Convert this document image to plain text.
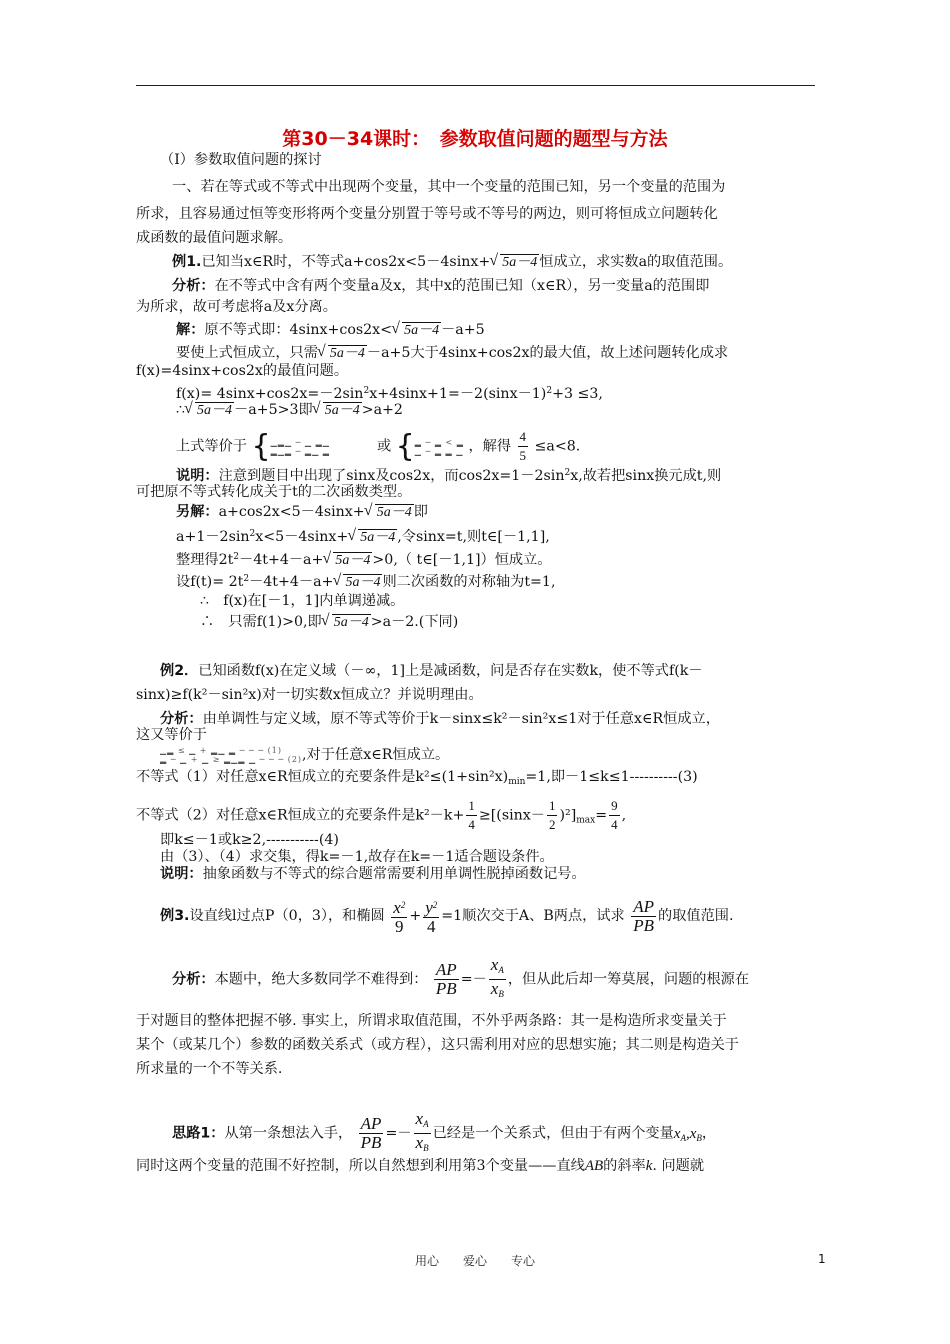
第30－34课时：　参数取值问题的题型与方法
（Ⅰ）参数取值问题的探讨
一、若在等式或不等式中出现两个变量，其中一个变量的范围已知，另一个变量的范围为
所求，且容易通过恒等变形将两个变量分别置于等号或不等号的两边，则可将恒成立问题转化
成函数的最值问题求解。
例1.已知当x∈R时，不等式a+cos2x<5－4sinx+√ 5a－4 恒成立，求实数a的取值范围。
分析：在不等式中含有两个变量a及x，其中x的范围已知（x∈R），另一变量a的范围即
为所求，故可考虑将a及x分离。
解：原不等式即：4sinx+cos2x<√ 5a－4 －a+5
要使上式恒成立，只需√ 5a－4 －a+5大于4sinx+cos2x的最大值，故上述问题转化成求
f(x)=4sinx+cos2x的最值问题。
$f(x)= 4\sin x+\cos 2x=-2\sin^2x+4\sin x+1=-2(\sin x-1)^2+3 \le 3$,
∴√ 5a－4 －a+5>3即√ 5a－4 >a+2
上式等价于 {▁▂▁ ─ ▁ ▂▁
▂▁▂ ─ ▂▁ ▂	或 {▂ ─ ▂ < ▂
▁ ─ ▂ ▂ ▁ ，解得 $\frac{4}{5} \le a<8$.
说明：注意到题目中出现了sinx及cos2x，而$\cos 2x=1-2\sin^2x$,故若把sinx换元成t,则
可把原不等式转化成关于t的二次函数类型。
另解：a+cos2x<5－4sinx+√ 5a－4 即
$a+1-2\sin^2x<5-4\sin x+√$ 5a－4 ,令sinx=t,则t∈[－1,1],
整理得$2t^2-4t+4-a+√$ 5a－4 >0,（ t∈[－1,1]）恒成立。
设$f(t)= 2t^2-4t+4-a+√$ 5a－4 则二次函数的对称轴为t=1,
∴　f(x)在[－1，1]内单调递减。
∴　只需f(1)>0,即√ 5a－4 >a－2.(下同)
例2．已知函数f(x)在定义域（－∞，1]上是减函数，问是否存在实数k，使不等式f(k－
sinx)≥f(k²－sin²x)对一切实数x恒成立？并说明理由。
分析：由单调性与定义域，原不等式等价于k－sinx≤k²－sin²x≤1对于任意x∈R恒成立，
这又等价于
▁▂ ≤ ▁ + ▂▁ ▂ ─ ─ ─ (1)
▂ ─ ▁ + ▁ ≥ ▂▁▂ ▁ ─ ─ ─ (2),对于任意x∈R恒成立。
不等式（1）对任意x∈R恒成立的充要条件是$k^2\le(1+\sin^2x)_{min}=1$,即－1≤k≤1----------(3)
不等式（2）对任意x∈R恒成立的充要条件是$k^2-k+ \frac{1}{4} \ge[(\sin x- \frac{1}{2} )^2]_{max}= \frac{9}{4}$ ,
即k≤－1或k≥2,-----------(4)
由（3）、（4）求交集，得k=－1,故存在k=－1适合题设条件。
说明：抽象函数与不等式的综合题常需要利用单调性脱掉函数记号。
例3.设直线l过点P（0，3），和椭圆 $\frac{x^2}{9} + \frac{y^2}{4} =1$顺次交于A、B两点，试求 $\frac{AP}{PB}$ 的取值范围.
分析：本题中，绝大多数同学不难得到： $\frac{AP}{PB} =- \frac{x_A}{x_B}$ ，但从此后却一筹莫展，问题的根源在
于对题目的整体把握不够. 事实上，所谓求取值范围，不外乎两条路：其一是构造所求变量关于
某个（或某几个）参数的函数关系式（或方程），这只需利用对应的思想实施；其二则是构造关于
所求量的一个不等关系.
思路1：从第一条想法入手， $\frac{AP}{PB} =- \frac{x_A}{x_B}$ 已经是一个关系式，但由于有两个变量$x_A,x_B$，
同时这两个变量的范围不好控制，所以自然想到利用第3个变量——直线AB的斜率k. 问题就
用心　　爱心　　专心	1
